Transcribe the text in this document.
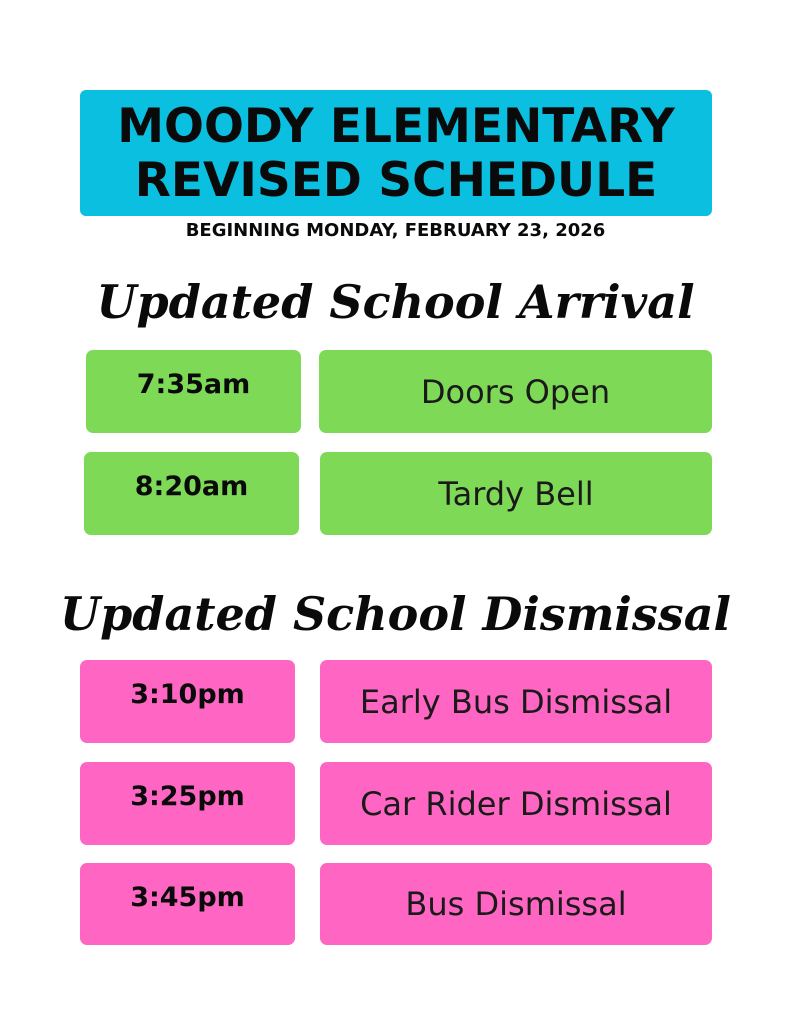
MOODY ELEMENTARY
REVISED SCHEDULE
BEGINNING MONDAY, FEBRUARY 23, 2026
Updated School Arrival
7:35am	Doors Open
8:20am	Tardy Bell
Updated School Dismissal
3:10pm	Early Bus Dismissal
3:25pm	Car Rider Dismissal
3:45pm	Bus Dismissal
